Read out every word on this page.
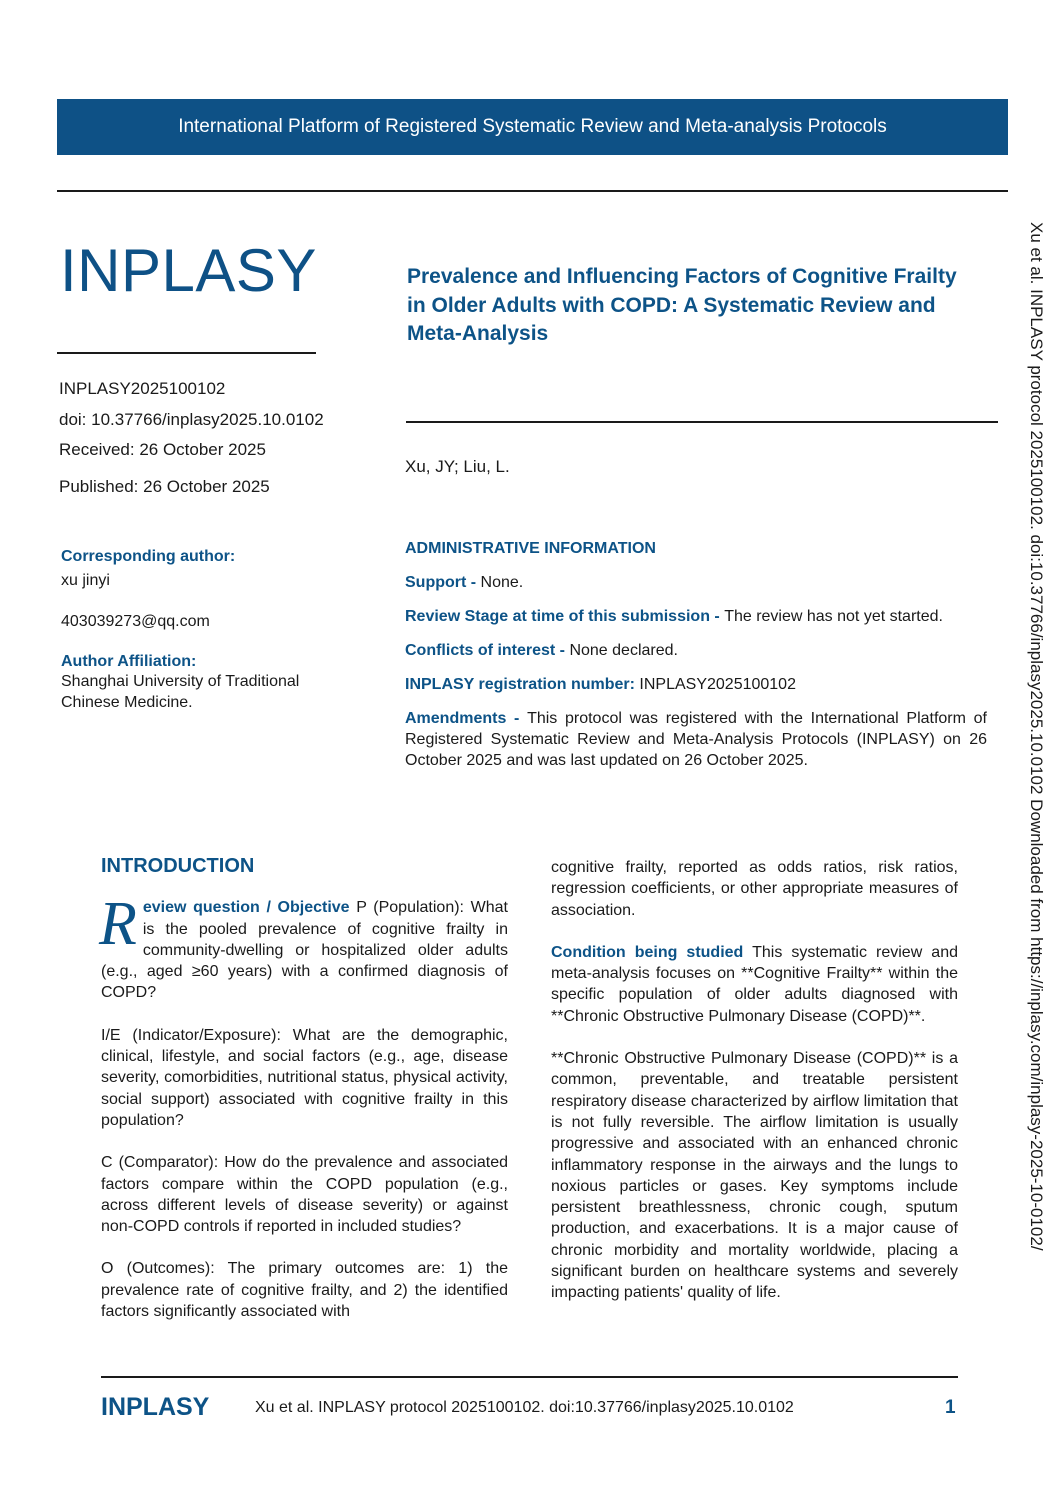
International Platform of Registered Systematic Review and Meta-analysis Protocols
INPLASY	Prevalence and Influencing Factors of Cognitive Frailty in Older Adults with COPD: A Systematic Review and Meta-Analysis
INPLASY2025100102
doi: 10.37766/inplasy2025.10.0102
Received: 26 October 2025
Published: 26 October 2025
Xu, JY; Liu, L.
Corresponding author:
xu jinyi
403039273@qq.com
Author Affiliation:
Shanghai University of Traditional Chinese Medicine.
ADMINISTRATIVE INFORMATION
Support - None.
Review Stage at time of this submission - The review has not yet started.
Conflicts of interest - None declared.
INPLASY registration number: INPLASY2025100102
Amendments - This protocol was registered with the International Platform of Registered Systematic Review and Meta-Analysis Protocols (INPLASY) on 26 October 2025 and was last updated on 26 October 2025.
INTRODUCTION

Review question / Objective P (Population): What is the pooled prevalence of cognitive frailty in community-dwelling or hospitalized older adults (e.g., aged ≥60 years) with a confirmed diagnosis of COPD?

I/E (Indicator/Exposure): What are the demographic, clinical, lifestyle, and social factors (e.g., age, disease severity, comorbidities, nutritional status, physical activity, social support) associated with cognitive frailty in this population?

C (Comparator): How do the prevalence and associated factors compare within the COPD population (e.g., across different levels of disease severity) or against non-COPD controls if reported in included studies?

O (Outcomes): The primary outcomes are: 1) the prevalence rate of cognitive frailty, and 2) the identified factors significantly associated with

cognitive frailty, reported as odds ratios, risk ratios, regression coefficients, or other appropriate measures of association.

Condition being studied This systematic review and meta-analysis focuses on **Cognitive Frailty** within the specific population of older adults diagnosed with **Chronic Obstructive Pulmonary Disease (COPD)**.

**Chronic Obstructive Pulmonary Disease (COPD)** is a common, preventable, and treatable persistent respiratory disease characterized by airflow limitation that is not fully reversible. The airflow limitation is usually progressive and associated with an enhanced chronic inflammatory response in the airways and the lungs to noxious particles or gases. Key symptoms include persistent breathlessness, chronic cough, sputum production, and exacerbations. It is a major cause of chronic morbidity and mortality worldwide, placing a significant burden on healthcare systems and severely impacting patients' quality of life.

Xu et al. INPLASY protocol 2025100102. doi:10.37766/inplasy2025.10.0102 Downloaded from https://inplasy.com/inplasy-2025-10-0102/
INPLASY	Xu et al. INPLASY protocol 2025100102. doi:10.37766/inplasy2025.10.0102	1
